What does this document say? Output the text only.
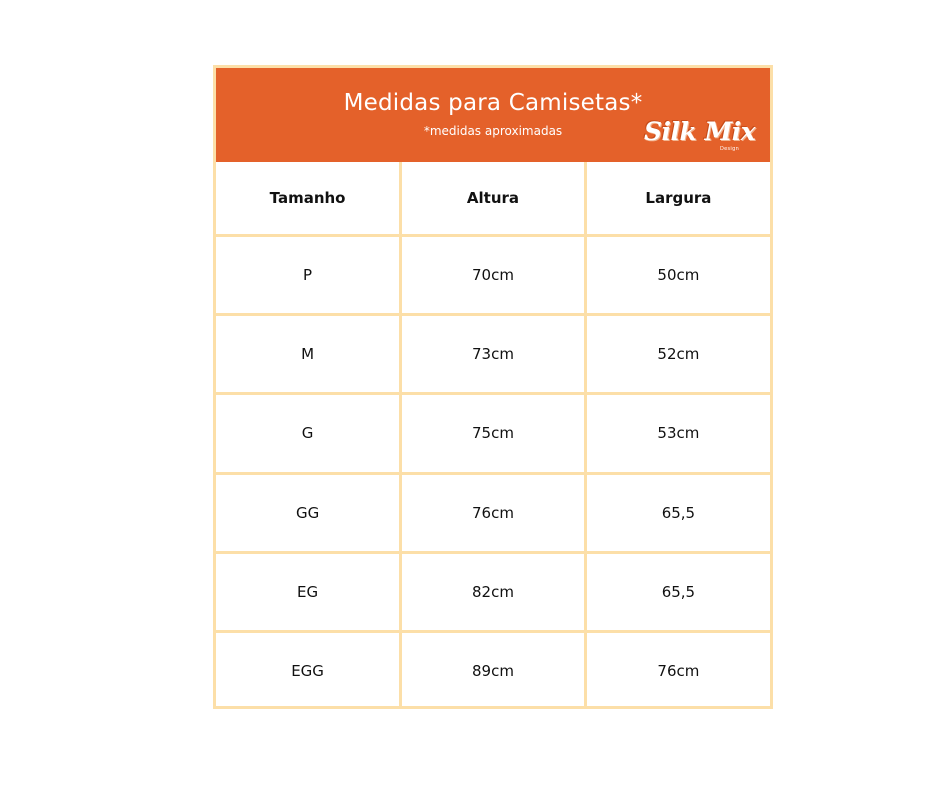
Medidas para Camisetas*
*medidas aproximadas	Silk Mix
Design
Tamanho	Altura	Largura
P	70cm	50cm
M	73cm	52cm
G	75cm	53cm
GG	76cm	65,5
EG	82cm	65,5
EGG	89cm	76cm
